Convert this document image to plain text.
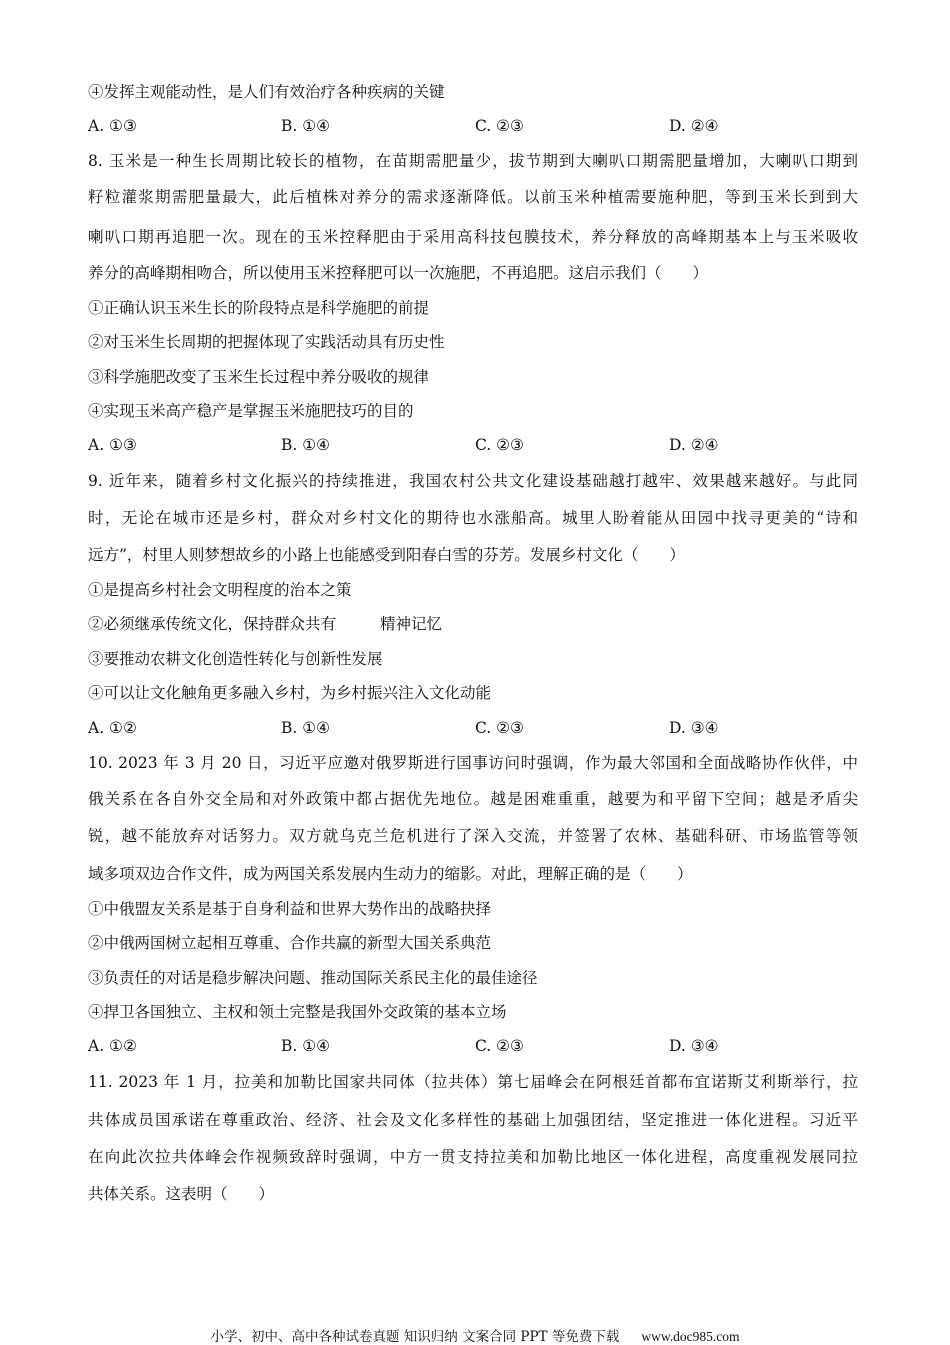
④发挥主观能动性，是人们有效治疗各种疾病的关键
A. ①③	B. ①④	C. ②③	D. ②④
8. 玉米是一种生长周期比较长的植物，在苗期需肥量少，拔节期到大喇叭口期需肥量增加，大喇叭口期到
籽粒灌浆期需肥量最大，此后植株对养分的需求逐渐降低。以前玉米种植需要施种肥，等到玉米长到到大
喇叭口期再追肥一次。现在的玉米控释肥由于采用高科技包膜技术，养分释放的高峰期基本上与玉米吸收
养分的高峰期相吻合，所以使用玉米控释肥可以一次施肥，不再追肥。这启示我们（　　）
①正确认识玉米生长的阶段特点是科学施肥的前提
②对玉米生长周期的把握体现了实践活动具有历史性
③科学施肥改变了玉米生长过程中养分吸收的规律
④实现玉米高产稳产是掌握玉米施肥技巧的目的
A. ①③	B. ①④	C. ②③	D. ②④
9. 近年来，随着乡村文化振兴的持续推进，我国农村公共文化建设基础越打越牢、效果越来越好。与此同
时，无论在城市还是乡村，群众对乡村文化的期待也水涨船高。城里人盼着能从田园中找寻更美的“诗和
远方”，村里人则梦想故乡的小路上也能感受到阳春白雪的芬芳。发展乡村文化（　　）
①是提高乡村社会文明程度的治本之策
②必须继承传统文化，保持群众共有	精神记忆
③要推动农耕文化创造性转化与创新性发展
④可以让文化触角更多融入乡村，为乡村振兴注入文化动能
A. ①②	B. ①④	C. ②③	D. ③④
10. 2023 年 3 月 20 日，习近平应邀对俄罗斯进行国事访问时强调，作为最大邻国和全面战略协作伙伴，中
俄关系在各自外交全局和对外政策中都占据优先地位。越是困难重重，越要为和平留下空间；越是矛盾尖
锐，越不能放弃对话努力。双方就乌克兰危机进行了深入交流，并签署了农林、基础科研、市场监管等领
域多项双边合作文件，成为两国关系发展内生动力的缩影。对此，理解正确的是（　　）
①中俄盟友关系是基于自身利益和世界大势作出的战略抉择
②中俄两国树立起相互尊重、合作共赢的新型大国关系典范
③负责任的对话是稳步解决问题、推动国际关系民主化的最佳途径
④捍卫各国独立、主权和领土完整是我国外交政策的基本立场
A. ①②	B. ①④	C. ②③	D. ③④
11. 2023 年 1 月，拉美和加勒比国家共同体（拉共体）第七届峰会在阿根廷首都布宜诺斯艾利斯举行，拉
共体成员国承诺在尊重政治、经济、社会及文化多样性的基础上加强团结，坚定推进一体化进程。习近平
在向此次拉共体峰会作视频致辞时强调，中方一贯支持拉美和加勒比地区一体化进程，高度重视发展同拉
共体关系。这表明（　　）
小学、初中、高中各种试卷真题 知识归纳 文案合同 PPT 等免费下载 www.doc985.com
